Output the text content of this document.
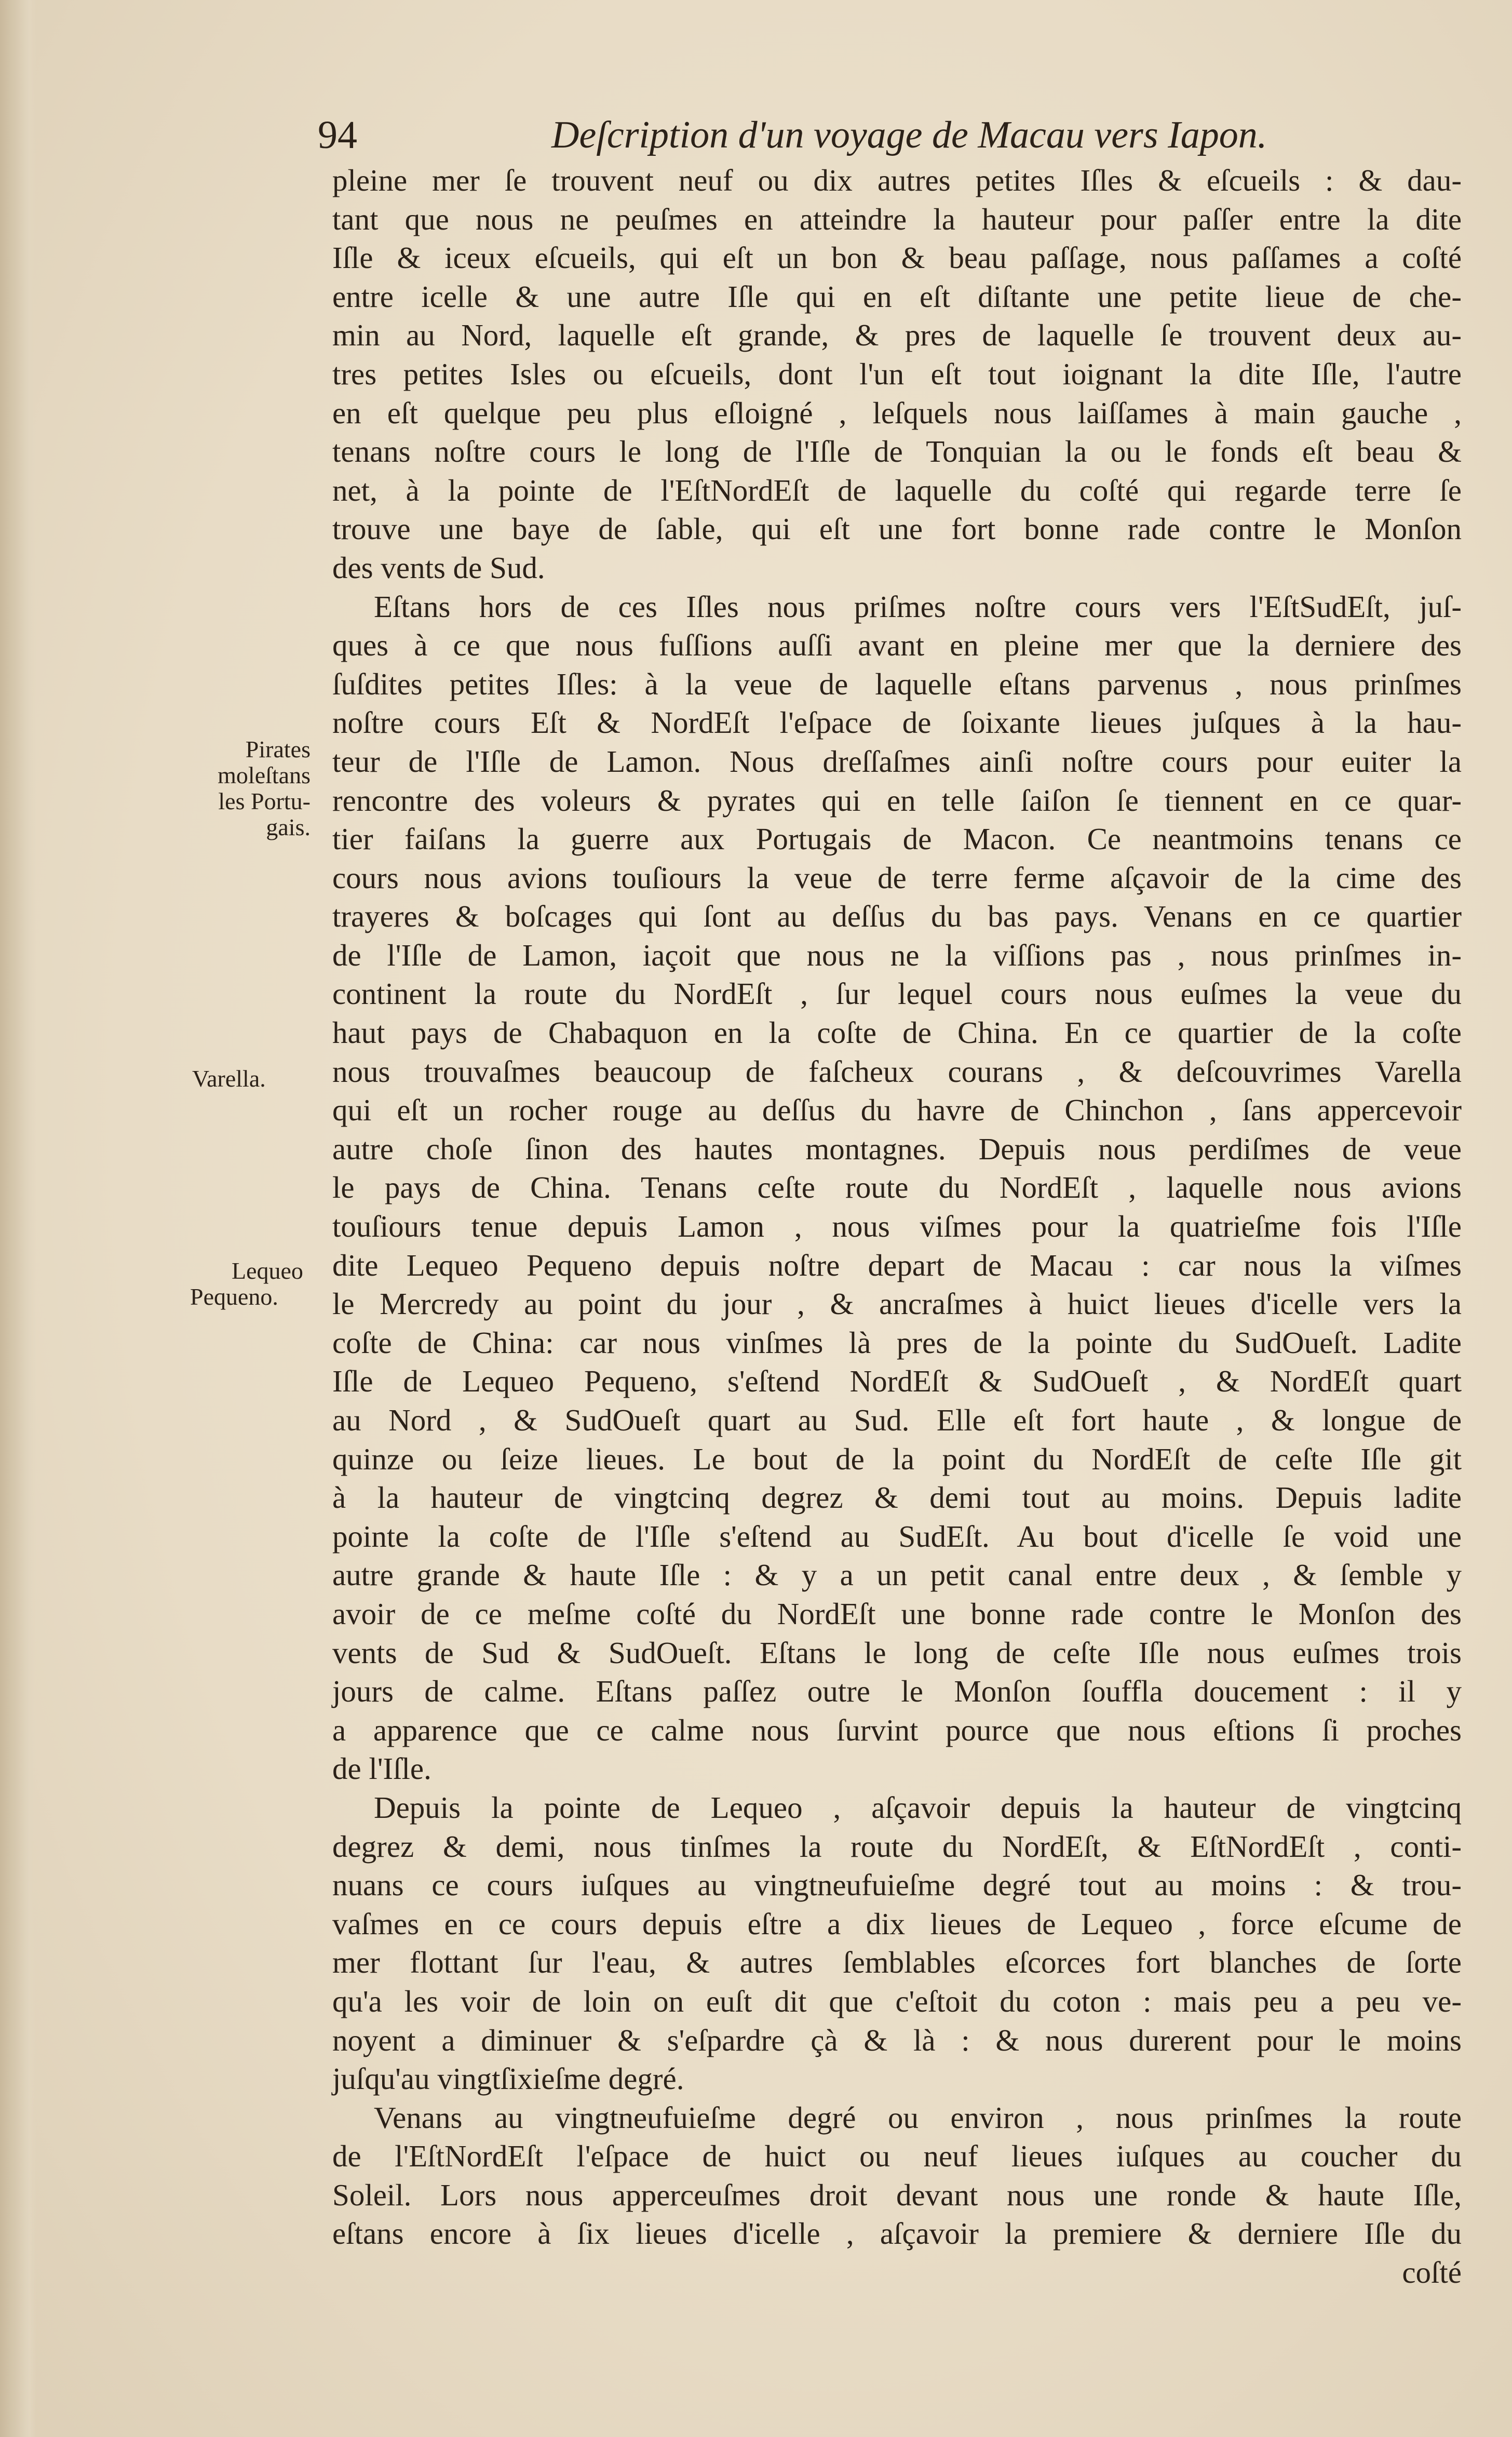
94	Deſcription d'un voyage de Macau vers Iapon.
Pirates
moleſtans
les Portu-
gais.
Varella.
Lequeo
Pequeno.
pleine mer ſe trouvent neuf ou dix autres petites Iſles & eſcueils : & dau-
tant que nous ne peuſmes en atteindre la hauteur pour paſſer entre la dite
Iſle & iceux eſcueils, qui eſt un bon & beau paſſage, nous paſſames a coſté
entre icelle & une autre Iſle qui en eſt diſtante une petite lieue de che-
min au Nord, laquelle eſt grande, & pres de laquelle ſe trouvent deux au-
tres petites Isles ou eſcueils, dont l'un eſt tout ioignant la dite Iſle, l'autre
en eſt quelque peu plus eſloigné , leſquels nous laiſſames à main gauche ,
tenans noſtre cours le long de l'Iſle de Tonquian la ou le fonds eſt beau &
net, à la pointe de l'EſtNordEſt de laquelle du coſté qui regarde terre ſe
trouve une baye de ſable, qui eſt une fort bonne rade contre le Monſon
des vents de Sud.
Eſtans hors de ces Iſles nous priſmes noſtre cours vers l'EſtSudEſt, juſ-
ques à ce que nous fuſſions auſſi avant en pleine mer que la derniere des
ſuſdites petites Iſles: à la veue de laquelle eſtans parvenus , nous prinſmes
noſtre cours Eſt & NordEſt l'eſpace de ſoixante lieues juſques à la hau-
teur de l'Iſle de Lamon. Nous dreſſaſmes ainſi noſtre cours pour euiter la
rencontre des voleurs & pyrates qui en telle ſaiſon ſe tiennent en ce quar-
tier faiſans la guerre aux Portugais de Macon. Ce neantmoins tenans ce
cours nous avions touſiours la veue de terre ferme aſçavoir de la cime des
trayeres & boſcages qui ſont au deſſus du bas pays. Venans en ce quartier
de l'Iſle de Lamon, iaçoit que nous ne la viſſions pas , nous prinſmes in-
continent la route du NordEſt , ſur lequel cours nous euſmes la veue du
haut pays de Chabaquon en la coſte de China. En ce quartier de la coſte
nous trouvaſmes beaucoup de faſcheux courans , & deſcouvrimes Varella
qui eſt un rocher rouge au deſſus du havre de Chinchon , ſans appercevoir
autre choſe ſinon des hautes montagnes. Depuis nous perdiſmes de veue
le pays de China. Tenans ceſte route du NordEſt , laquelle nous avions
touſiours tenue depuis Lamon , nous viſmes pour la quatrieſme fois l'Iſle
dite Lequeo Pequeno depuis noſtre depart de Macau : car nous la viſmes
le Mercredy au point du jour , & ancraſmes à huict lieues d'icelle vers la
coſte de China: car nous vinſmes là pres de la pointe du SudOueſt. Ladite
Iſle de Lequeo Pequeno, s'eſtend NordEſt & SudOueſt , & NordEſt quart
au Nord , & SudOueſt quart au Sud. Elle eſt fort haute , & longue de
quinze ou ſeize lieues. Le bout de la point du NordEſt de ceſte Iſle git
à la hauteur de vingtcinq degrez & demi tout au moins. Depuis ladite
pointe la coſte de l'Iſle s'eſtend au SudEſt. Au bout d'icelle ſe void une
autre grande & haute Iſle : & y a un petit canal entre deux , & ſemble y
avoir de ce meſme coſté du NordEſt une bonne rade contre le Monſon des
vents de Sud & SudOueſt. Eſtans le long de ceſte Iſle nous euſmes trois
jours de calme. Eſtans paſſez outre le Monſon ſouffla doucement : il y
a apparence que ce calme nous ſurvint pource que nous eſtions ſi proches
de l'Iſle.
Depuis la pointe de Lequeo , aſçavoir depuis la hauteur de vingtcinq
degrez & demi, nous tinſmes la route du NordEſt, & EſtNordEſt , conti-
nuans ce cours iuſques au vingtneufuieſme degré tout au moins : & trou-
vaſmes en ce cours depuis eſtre a dix lieues de Lequeo , force eſcume de
mer flottant ſur l'eau, & autres ſemblables eſcorces fort blanches de ſorte
qu'a les voir de loin on euſt dit que c'eſtoit du coton : mais peu a peu ve-
noyent a diminuer & s'eſpardre çà & là : & nous durerent pour le moins
juſqu'au vingtſixieſme degré.
Venans au vingtneufuieſme degré ou environ , nous prinſmes la route
de l'EſtNordEſt l'eſpace de huict ou neuf lieues iuſques au coucher du
Soleil. Lors nous apperceuſmes droit devant nous une ronde & haute Iſle,
eſtans encore à ſix lieues d'icelle , aſçavoir la premiere & derniere Iſle du
coſté
